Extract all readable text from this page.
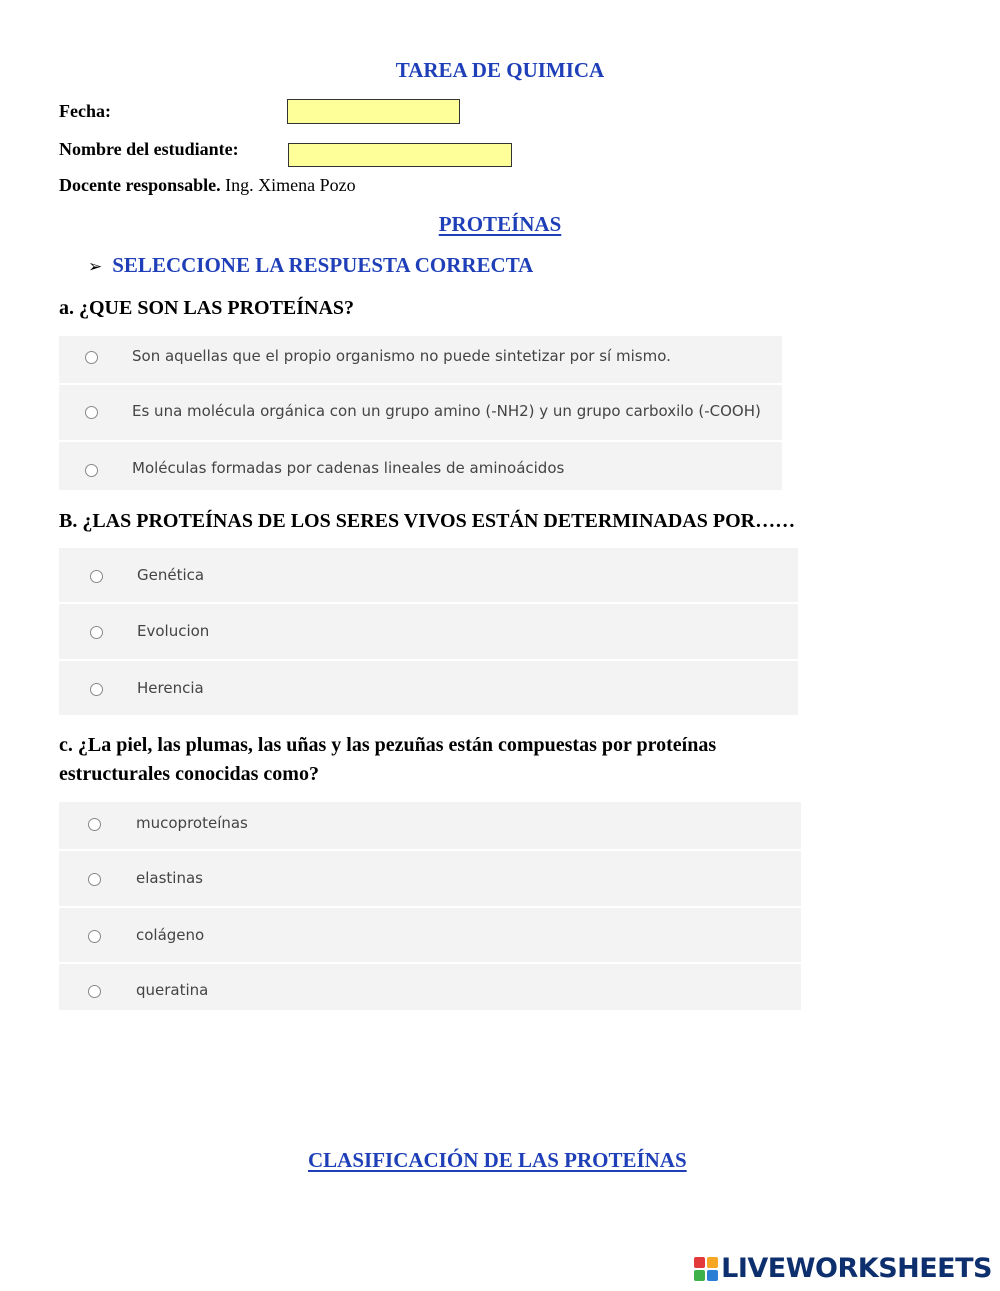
TAREA DE QUIMICA
Fecha:
Nombre del estudiante:
Docente responsable. Ing. Ximena Pozo
PROTEÍNAS
➢ SELECCIONE LA RESPUESTA CORRECTA
a. ¿QUE SON LAS PROTEÍNAS?
Son aquellas que el propio organismo no puede sintetizar por sí mismo.
Es una molécula orgánica con un grupo amino (-NH2) y un grupo carboxilo (-COOH)
Moléculas formadas por cadenas lineales de aminoácidos
B. ¿LAS PROTEÍNAS DE LOS SERES VIVOS ESTÁN DETERMINADAS POR……
Genética
Evolucion
Herencia
c. ¿La piel, las plumas, las uñas y las pezuñas están compuestas por proteínas
estructurales conocidas como?
mucoproteínas
elastinas
colágeno
queratina
CLASIFICACIÓN DE LAS PROTEÍNAS
LIVEWORKSHEETS
